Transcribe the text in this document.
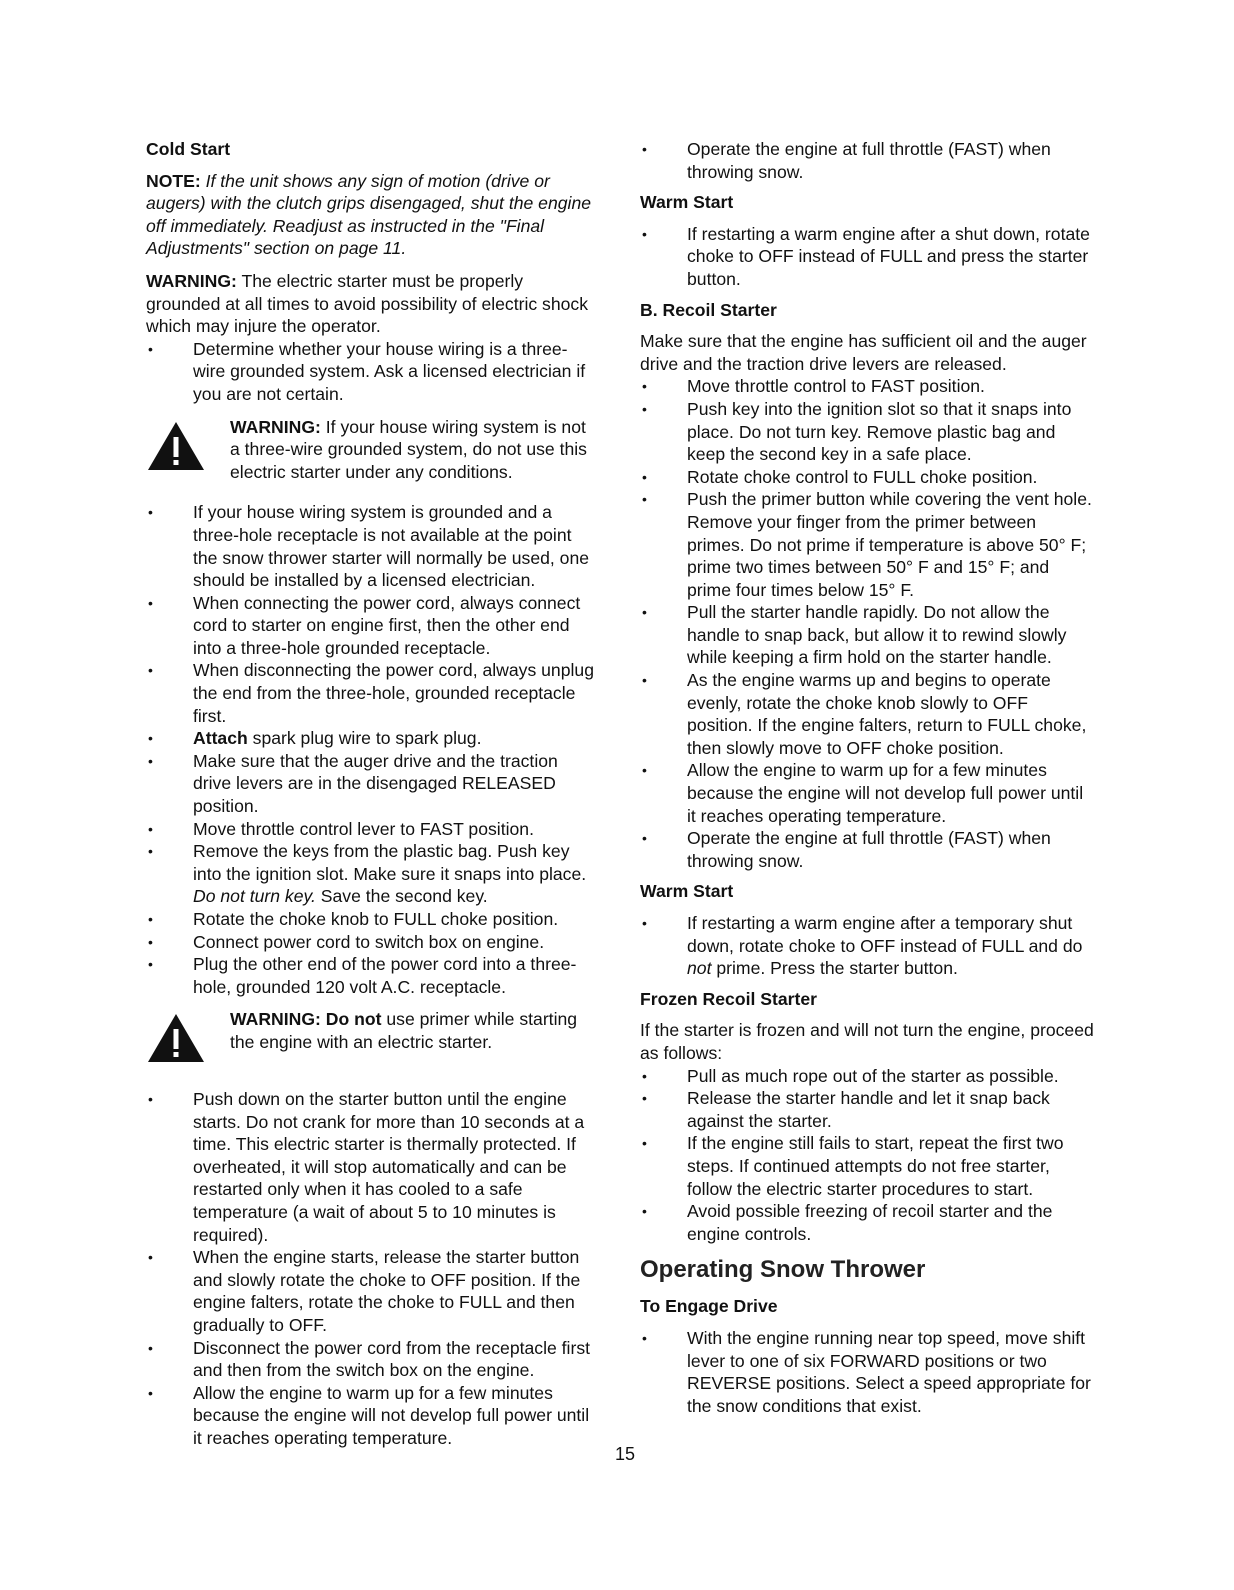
Cold Start

NOTE: If the unit shows any sign of motion (drive or augers) with the clutch grips disengaged, shut the engine off immediately. Readjust as instructed in the "Final Adjustments" section on page 11.

WARNING: The electric starter must be properly grounded at all times to avoid possibility of electric shock which may injure the operator.

• Determine whether your house wiring is a three-wire grounded system. Ask a licensed electrician if you are not certain.
WARNING: If your house wiring system is not a three-wire grounded system, do not use this electric starter under any conditions.
• If your house wiring system is grounded and a three-hole receptacle is not available at the point the snow thrower starter will normally be used, one should be installed by a licensed electrician.
• When connecting the power cord, always connect cord to starter on engine first, then the other end into a three-hole grounded receptacle.
• When disconnecting the power cord, always unplug the end from the three-hole, grounded receptacle first.
• Attach spark plug wire to spark plug.
• Make sure that the auger drive and the traction drive levers are in the disengaged RELEASED position.
• Move throttle control lever to FAST position.
• Remove the keys from the plastic bag. Push key into the ignition slot. Make sure it snaps into place. Do not turn key. Save the second key.
• Rotate the choke knob to FULL choke position.
• Connect power cord to switch box on engine.
• Plug the other end of the power cord into a three-hole, grounded 120 volt A.C. receptacle.
WARNING: Do not use primer while starting the engine with an electric starter.
• Push down on the starter button until the engine starts. Do not crank for more than 10 seconds at a time. This electric starter is thermally protected. If overheated, it will stop automatically and can be restarted only when it has cooled to a safe temperature (a wait of about 5 to 10 minutes is required).
• When the engine starts, release the starter button and slowly rotate the choke to OFF position. If the engine falters, rotate the choke to FULL and then gradually to OFF.
• Disconnect the power cord from the receptacle first and then from the switch box on the engine.
• Allow the engine to warm up for a few minutes because the engine will not develop full power until it reaches operating temperature.
• Operate the engine at full throttle (FAST) when throwing snow.
Warm Start
• If restarting a warm engine after a shut down, rotate choke to OFF instead of FULL and press the starter button.
B. Recoil Starter

Make sure that the engine has sufficient oil and the auger drive and the traction drive levers are released.

• Move throttle control to FAST position.
• Push key into the ignition slot so that it snaps into place. Do not turn key. Remove plastic bag and keep the second key in a safe place.
• Rotate choke control to FULL choke position.
• Push the primer button while covering the vent hole. Remove your finger from the primer between primes. Do not prime if temperature is above 50° F; prime two times between 50° F and 15° F; and prime four times below 15° F.
• Pull the starter handle rapidly. Do not allow the handle to snap back, but allow it to rewind slowly while keeping a firm hold on the starter handle.
• As the engine warms up and begins to operate evenly, rotate the choke knob slowly to OFF position. If the engine falters, return to FULL choke, then slowly move to OFF choke position.
• Allow the engine to warm up for a few minutes because the engine will not develop full power until it reaches operating temperature.
• Operate the engine at full throttle (FAST) when throwing snow.
Warm Start
• If restarting a warm engine after a temporary shut down, rotate choke to OFF instead of FULL and do not prime. Press the starter button.
Frozen Recoil Starter

If the starter is frozen and will not turn the engine, proceed as follows:

• Pull as much rope out of the starter as possible.
• Release the starter handle and let it snap back against the starter.
• If the engine still fails to start, repeat the first two steps. If continued attempts do not free starter, follow the electric starter procedures to start.
• Avoid possible freezing of recoil starter and the engine controls.
Operating Snow Thrower
To Engage Drive
• With the engine running near top speed, move shift lever to one of six FORWARD positions or two REVERSE positions. Select a speed appropriate for the snow conditions that exist.
15
